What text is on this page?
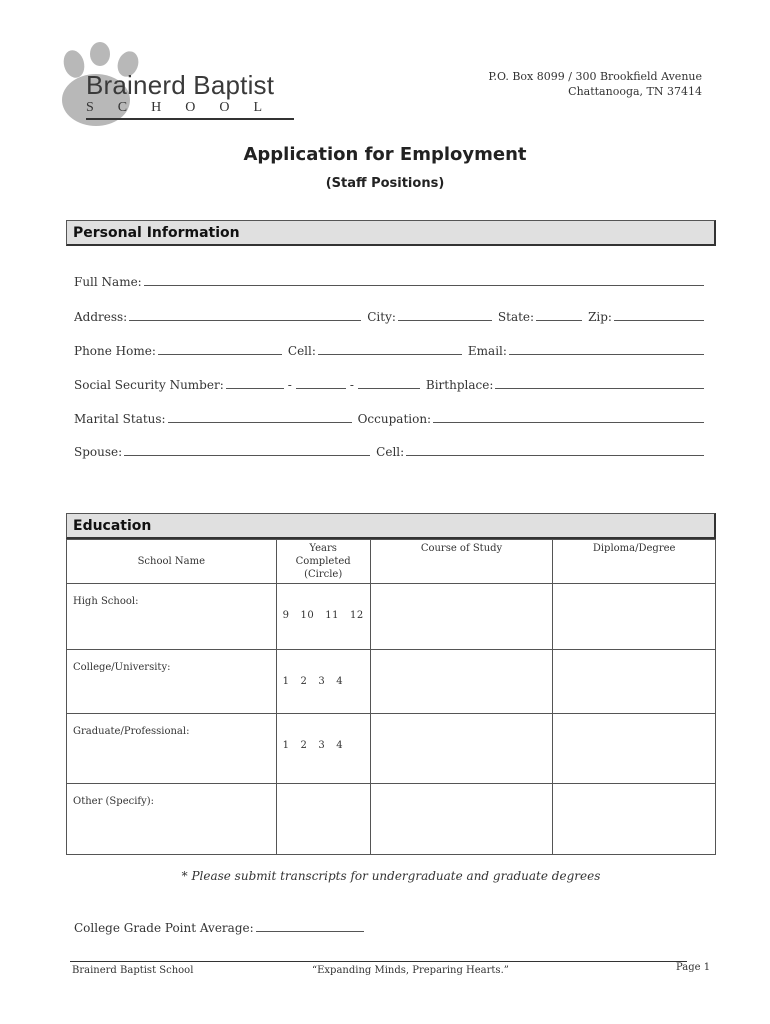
Brainerd Baptist
SCHOOL
P.O. Box 8099 / 300 Brookfield Avenue
Chattanooga, TN 37414
Application for Employment
(Staff Positions)
Personal Information
Full Name:
Address:	City:	State:	Zip:
Phone Home:	Cell:	Email:
Social Security Number:	-	-	Birthplace:
Marital Status:	Occupation:
Spouse:	Cell:
Education
School Name	Years
Completed
(Circle)	Course of Study	Diploma/Degree
High School:	9   10   11   12		

College/University:	1   2   3   4		

Graduate/Professional:	1   2   3   4		

Other (Specify):			
* Please submit transcripts for undergraduate and graduate degrees
College Grade Point Average:
Brainerd Baptist School	“Expanding Minds, Preparing Hearts.”	Page 1
